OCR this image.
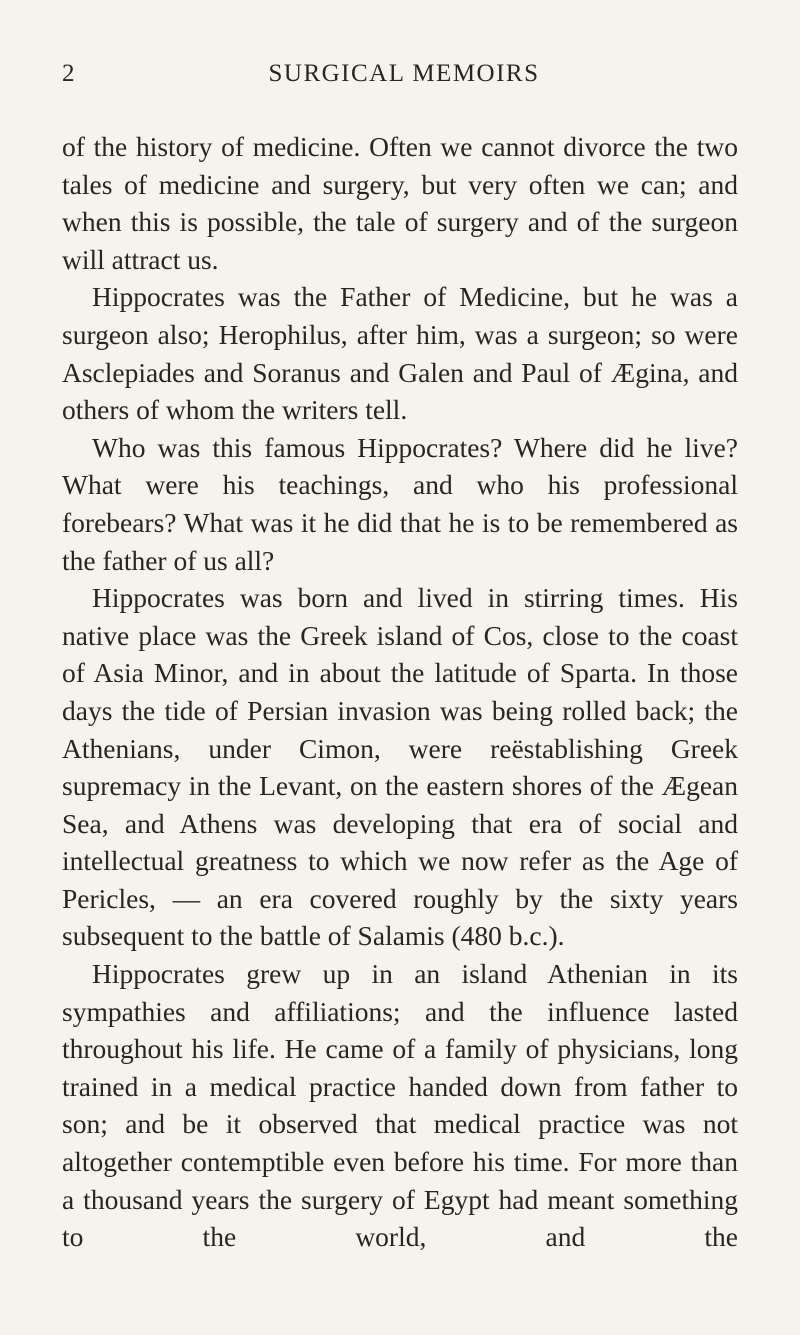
2	SURGICAL MEMOIRS

of the history of medicine. Often we cannot divorce the two tales of medicine and surgery, but very often we can; and when this is possible, the tale of surgery and of the surgeon will attract us.

Hippocrates was the Father of Medicine, but he was a surgeon also; Herophilus, after him, was a surgeon; so were Asclepiades and Soranus and Galen and Paul of Ægina, and others of whom the writers tell.

Who was this famous Hippocrates? Where did he live? What were his teachings, and who his professional forebears? What was it he did that he is to be remembered as the father of us all?

Hippocrates was born and lived in stirring times. His native place was the Greek island of Cos, close to the coast of Asia Minor, and in about the latitude of Sparta. In those days the tide of Persian invasion was being rolled back; the Athenians, under Cimon, were reëstablishing Greek supremacy in the Levant, on the eastern shores of the Ægean Sea, and Athens was developing that era of social and intellectual greatness to which we now refer as the Age of Pericles, — an era covered roughly by the sixty years subsequent to the battle of Salamis (480 b.c.).

Hippocrates grew up in an island Athenian in its sympathies and affiliations; and the influence lasted throughout his life. He came of a family of physicians, long trained in a medical practice handed down from father to son; and be it observed that medical practice was not altogether contemptible even before his time. For more than a thousand years the surgery of Egypt had meant something to the world, and the
